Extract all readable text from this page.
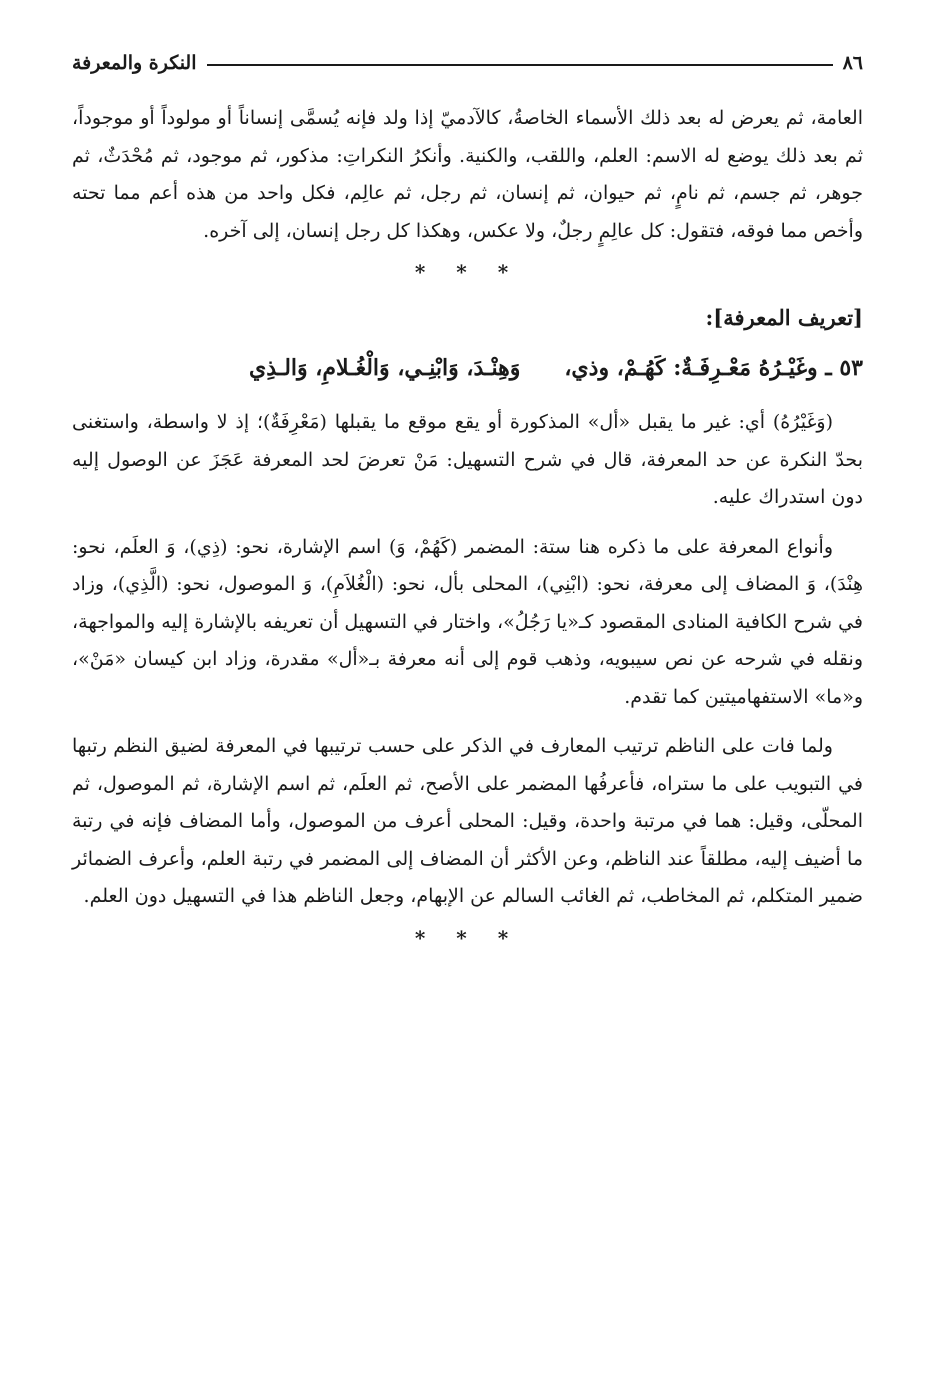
٨٦
النكرة والمعرفة

العامة، ثم يعرض له بعد ذلك الأسماء الخاصةُ، كالآدميّ إذا ولد فإنه يُسمَّى إنساناً أو مولوداً أو موجوداً، ثم بعد ذلك يوضع له الاسم: العلم، واللقب، والكنية. وأنكرُ النكراتِ: مذكور، ثم موجود، ثم مُحْدَثٌ، ثم جوهر، ثم جسم، ثم نامٍ، ثم حيوان، ثم إنسان، ثم رجل، ثم عالِم، فكل واحد من هذه أعم مما تحته وأخص مما فوقه، فتقول: كل عالِمٍ رجلٌ، ولا عكس، وهكذا كل رجل إنسان، إلى آخره.

* * *
[تعريف المعرفة]:
٥٣ ـ وغَيْـرُهُ مَعْـرِفَـةٌ: كَهُـمْ، وذي،وَهِنْـدَ، وَابْنِـي، وَالْغُـلامِ، وَالـذِي

(وَغَيْرُهُ) أي: غير ما يقبل «أل» المذكورة أو يقع موقع ما يقبلها (مَعْرِفَةٌ)؛ إذ لا واسطة، واستغنى بحدّ النكرة عن حد المعرفة، قال في شرح التسهيل: مَنْ تعرضَ لحد المعرفة عَجَزَ عن الوصول إليه دون استدراك عليه.

وأنواع المعرفة على ما ذكره هنا ستة: المضمر (كَهُمْ، وَ) اسم الإشارة، نحو: (ذِي)، وَ العلَم، نحو: هِنْدَ)، وَ المضاف إلى معرفة، نحو: (ابْنِي)، المحلى بأل، نحو: (الْغُلاَمِ)، وَ الموصول، نحو: (الَّذِي)، وزاد في شرح الكافية المنادى المقصود كـ«يا رَجُلُ»، واختار في التسهيل أن تعريفه بالإشارة إليه والمواجهة، ونقله في شرحه عن نص سيبويه، وذهب قوم إلى أنه معرفة بـ«أل» مقدرة، وزاد ابن كيسان «مَنْ»، و«ما» الاستفهاميتين كما تقدم.

ولما فات على الناظم ترتيب المعارف في الذكر على حسب ترتيبها في المعرفة لضيق النظم رتبها في التبويب على ما ستراه، فأعرفُها المضمر على الأصح، ثم العلَم، ثم اسم الإشارة، ثم الموصول، ثم المحلّى، وقيل: هما في مرتبة واحدة، وقيل: المحلى أعرف من الموصول، وأما المضاف فإنه في رتبة ما أضيف إليه، مطلقاً عند الناظم، وعن الأكثر أن المضاف إلى المضمر في رتبة العلم، وأعرف الضمائر ضمير المتكلم، ثم المخاطب، ثم الغائب السالم عن الإبهام، وجعل الناظم هذا في التسهيل دون العلم.

* * *
